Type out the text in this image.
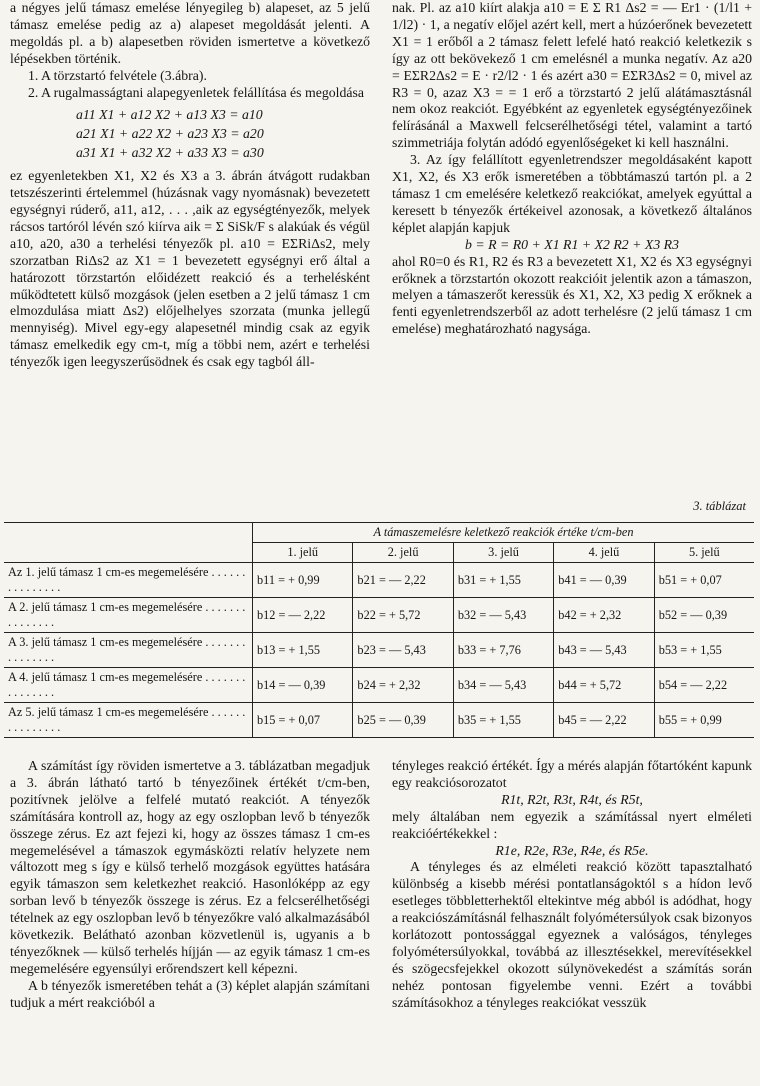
a négyes jelű támasz emelése lényegileg b) alapeset, az 5 jelű támasz emelése pedig az a) alapeset megoldását jelenti. A megoldás pl. a b) alapesetben röviden ismertetve a következő lépésekben történik.

1. A törzstartó felvétele (3.ábra).

2. A rugalmasságtani alapegyenletek felállítása és megoldása

a11 X1 + a12 X2 + a13 X3 = a10
a21 X1 + a22 X2 + a23 X3 = a20
a31 X1 + a32 X2 + a33 X3 = a30

ez egyenletekben X1, X2 és X3 a 3. ábrán átvágott rudakban tetszészerinti értelemmel (húzásnak vagy nyomásnak) bevezetett egységnyi rúderő, a11, a12, . . . ,aik az egységtényezők, melyek rácsos tartóról lévén szó kiírva aik = Σ SiSk/F s alakúak és végül a10, a20, a30 a terhelési tényezők pl. a10 = EΣRiΔs2, mely szorzatban RiΔs2 az X1 = 1 bevezetett egységnyi erő által a határozott törzstartón előidézett reakció és a terhelésként működtetett külső mozgások (jelen esetben a 2 jelű támasz 1 cm elmozdulása miatt Δs2) előjelhelyes szorzata (munka jellegű mennyiség). Mivel egy-egy alapesetnél mindig csak az egyik támasz emelkedik egy cm-t, míg a többi nem, azért e terhelési tényezők igen leegyszerűsödnek és csak egy tagból áll-

nak. Pl. az a10 kiírt alakja a10 = E Σ R1 Δs2 = — Er1 · (1/l1 + 1/l2) · 1, a negatív előjel azért kell, mert a húzóerőnek bevezetett X1 = 1 erőből a 2 támasz felett lefelé ható reakció keletkezik s így az ott bekövekező 1 cm emelésnél a munka negatív. Az a20 = EΣR2Δs2 = E · r2/l2 · 1 és azért a30 = EΣR3Δs2 = 0, mivel az R3 = 0, azaz X3 = = 1 erő a törzstartó 2 jelű alátámasztásnál nem okoz reakciót. Egyébként az egyenletek egységtényezőinek felírásánál a Maxwell felcserélhetőségi tétel, valamint a tartó szimmetriája folytán adódó egyenlőségeket ki kell használni.

3. Az így felállított egyenletrendszer megoldásaként kapott X1, X2, és X3 erők ismeretében a többtámaszú tartón pl. a 2 támasz 1 cm emelésére keletkező reakciókat, amelyek egyúttal a keresett b tényezők értékeivel azonosak, a következő általános képlet alapján kapjuk

b = R = R0 + X1 R1 + X2 R2 + X3 R3

ahol R0=0 és R1, R2 és R3 a bevezetett X1, X2 és X3 egységnyi erőknek a törzstartón okozott reakcióit jelentik azon a támaszon, melyen a támaszerőt keressük és X1, X2, X3 pedig X erőknek a fenti egyenletrendszerből az adott terhelésre (2 jelű támasz 1 cm emelése) meghatározható nagysága.

3. táblázat
	A támaszemelésre keletkező reakciók értéke t/cm-ben				
	1. jelű	2. jelű	3. jelű	4. jelű	5. jelű
Az 1. jelű támasz 1 cm-es megemelésére . . . . . . . . . . . . . . .	b11 = + 0,99	b21 = — 2,22	b31 = + 1,55	b41 = — 0,39	b51 = + 0,07
A 2. jelű támasz 1 cm-es megemelésére . . . . . . . . . . . . . . .	b12 = — 2,22	b22 = + 5,72	b32 = — 5,43	b42 = + 2,32	b52 = — 0,39
A 3. jelű támasz 1 cm-es megemelésére . . . . . . . . . . . . . . .	b13 = + 1,55	b23 = — 5,43	b33 = + 7,76	b43 = — 5,43	b53 = + 1,55
A 4. jelű támasz 1 cm-es megemelésére . . . . . . . . . . . . . . .	b14 = — 0,39	b24 = + 2,32	b34 = — 5,43	b44 = + 5,72	b54 = — 2,22
Az 5. jelű támasz 1 cm-es megemelésére . . . . . . . . . . . . . . .	b15 = + 0,07	b25 = — 0,39	b35 = + 1,55	b45 = — 2,22	b55 = + 0,99

A számítást így röviden ismertetve a 3. táblázatban megadjuk a 3. ábrán látható tartó b tényezőinek értékét t/cm-ben, pozitívnek jelölve a felfelé mutató reakciót. A tényezők számítására kontroll az, hogy az egy oszlopban levő b tényezők összege zérus. Ez azt fejezi ki, hogy az összes támasz 1 cm-es megemelésével a támaszok egymásközti relatív helyzete nem változott meg s így e külső terhelő mozgások együttes hatására egyik támaszon sem keletkezhet reakció. Hasonlóképp az egy sorban levő b tényezők összege is zérus. Ez a felcserélhetőségi tételnek az egy oszlopban levő b tényezőkre való alkalmazásából következik. Belátható azonban közvetlenül is, ugyanis a b tényezőknek — külső terhelés híjján — az egyik támasz 1 cm-es megemelésére egyensúlyi erőrendszert kell képezni.

A b tényezők ismeretében tehát a (3) képlet alapján számítani tudjuk a mért reakcióból a

tényleges reakció értékét. Így a mérés alapján főtartóként kapunk egy reakciósorozatot

R1t, R2t, R3t, R4t, és R5t,

mely általában nem egyezik a számítással nyert elméleti reakcióértékekkel :

R1e, R2e, R3e, R4e, és R5e.

A tényleges és az elméleti reakció között tapasztalható különbség a kisebb mérési pontatlanságoktól s a hídon levő esetleges többletterhektől eltekintve még abból is adódhat, hogy a reakciószámításnál felhasznált folyómétersúlyok csak bizonyos korlátozott pontossággal egyeznek a valóságos, tényleges folyómétersúlyokkal, továbbá az illesztésekkel, merevítésekkel és szögecsfejekkel okozott súlynövekedést a számítás során nehéz pontosan figyelembe venni. Ezért a további számításokhoz a tényleges reakciókat vesszük
